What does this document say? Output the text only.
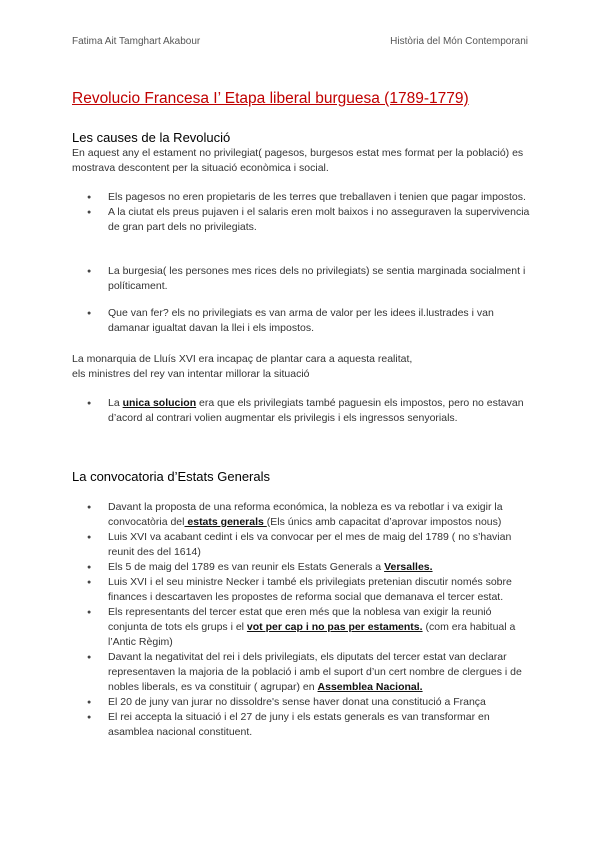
Fatima Ait Tamghart Akabour	Història del Món Contemporani
Revolucio Francesa I’ Etapa liberal burguesa (1789-1779)
Les causes de la Revolució

En aquest any el estament no privilegiat( pagesos, burgesos estat mes format per la població) es mostrava descontent per la situació econòmica i social.

● Els pagesos no eren propietaris de les terres que treballaven i tenien que pagar impostos.
● A la ciutat els preus pujaven i el salaris eren molt baixos i no asseguraven la supervivencia de gran part dels no privilegiats.
● La burgesia( les persones mes rices dels no privilegiats) se sentia marginada socialment i políticament.
● Que van fer? els no privilegiats es van arma de valor per les idees il.lustrades i van damanar igualtat davan la llei i els impostos.

La monarquia de Lluís XVI era incapaç de plantar cara a aquesta realitat,

els ministres del rey van intentar millorar la situació

● La unica solucion era que els privilegiats també paguesin els impostos, pero no estavan d’acord al contrari volien augmentar els privilegis i els ingressos senyorials.
La convocatoria d’Estats Generals
● Davant la proposta de una reforma económica, la nobleza es va rebotlar i va exigir la convocatòria del estats generals (Els únics amb capacitat d’aprovar impostos nous)
● Luis XVI va acabant cedint i els va convocar per el mes de maig del 1789 ( no s’havian reunit des del 1614)
● Els 5 de maig del 1789 es van reunir els Estats Generals a Versalles.
● Luis XVI i el seu ministre Necker i també els privilegiats pretenian discutir només sobre finances i descartaven les propostes de reforma social que demanava el tercer estat.
● Els representants del tercer estat que eren més que la noblesa van exigir la reunió conjunta de tots els grups i el vot per cap i no pas per estaments. (com era habitual a l’Antic Règim)
● Davant la negativitat del rei i dels privilegiats, els diputats del tercer estat van declarar representaven la majoria de la població i amb el suport d’un cert nombre de clergues i de nobles liberals, es va constituir ( agrupar) en Assemblea Nacional.
● El 20 de juny van jurar no dissoldre's sense haver donat una constitució a França
● El rei accepta la situació i el 27 de juny i els estats generals es van transformar en asamblea nacional constituent.
